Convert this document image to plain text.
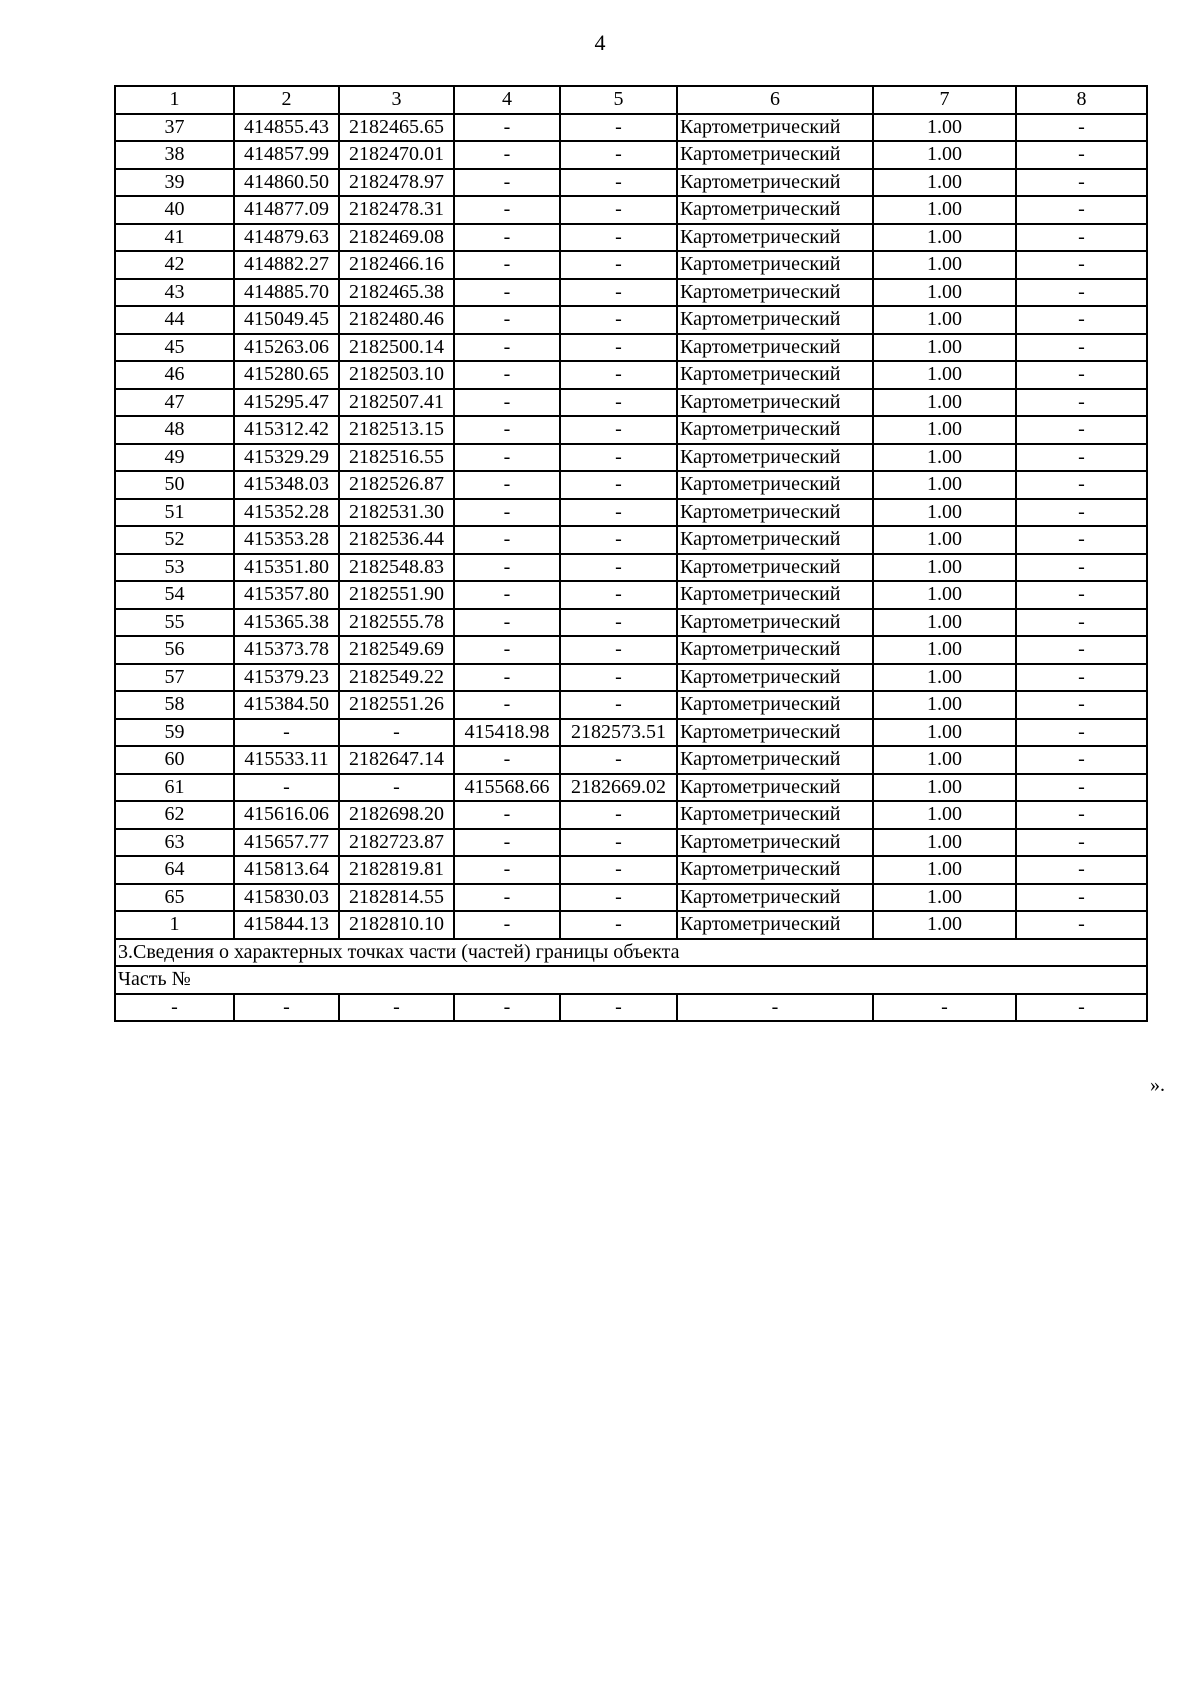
4
1	2	3	4	5	6	7	8
37	414855.43	2182465.65	-	-	Картометрический	1.00	-
38	414857.99	2182470.01	-	-	Картометрический	1.00	-
39	414860.50	2182478.97	-	-	Картометрический	1.00	-
40	414877.09	2182478.31	-	-	Картометрический	1.00	-
41	414879.63	2182469.08	-	-	Картометрический	1.00	-
42	414882.27	2182466.16	-	-	Картометрический	1.00	-
43	414885.70	2182465.38	-	-	Картометрический	1.00	-
44	415049.45	2182480.46	-	-	Картометрический	1.00	-
45	415263.06	2182500.14	-	-	Картометрический	1.00	-
46	415280.65	2182503.10	-	-	Картометрический	1.00	-
47	415295.47	2182507.41	-	-	Картометрический	1.00	-
48	415312.42	2182513.15	-	-	Картометрический	1.00	-
49	415329.29	2182516.55	-	-	Картометрический	1.00	-
50	415348.03	2182526.87	-	-	Картометрический	1.00	-
51	415352.28	2182531.30	-	-	Картометрический	1.00	-
52	415353.28	2182536.44	-	-	Картометрический	1.00	-
53	415351.80	2182548.83	-	-	Картометрический	1.00	-
54	415357.80	2182551.90	-	-	Картометрический	1.00	-
55	415365.38	2182555.78	-	-	Картометрический	1.00	-
56	415373.78	2182549.69	-	-	Картометрический	1.00	-
57	415379.23	2182549.22	-	-	Картометрический	1.00	-
58	415384.50	2182551.26	-	-	Картометрический	1.00	-
59	-	-	415418.98	2182573.51	Картометрический	1.00	-
60	415533.11	2182647.14	-	-	Картометрический	1.00	-
61	-	-	415568.66	2182669.02	Картометрический	1.00	-
62	415616.06	2182698.20	-	-	Картометрический	1.00	-
63	415657.77	2182723.87	-	-	Картометрический	1.00	-
64	415813.64	2182819.81	-	-	Картометрический	1.00	-
65	415830.03	2182814.55	-	-	Картометрический	1.00	-
1	415844.13	2182810.10	-	-	Картометрический	1.00	-
3.Сведения о характерных точках части (частей) границы объекта							
Часть №							
-	-	-	-	-	-	-	-
».
